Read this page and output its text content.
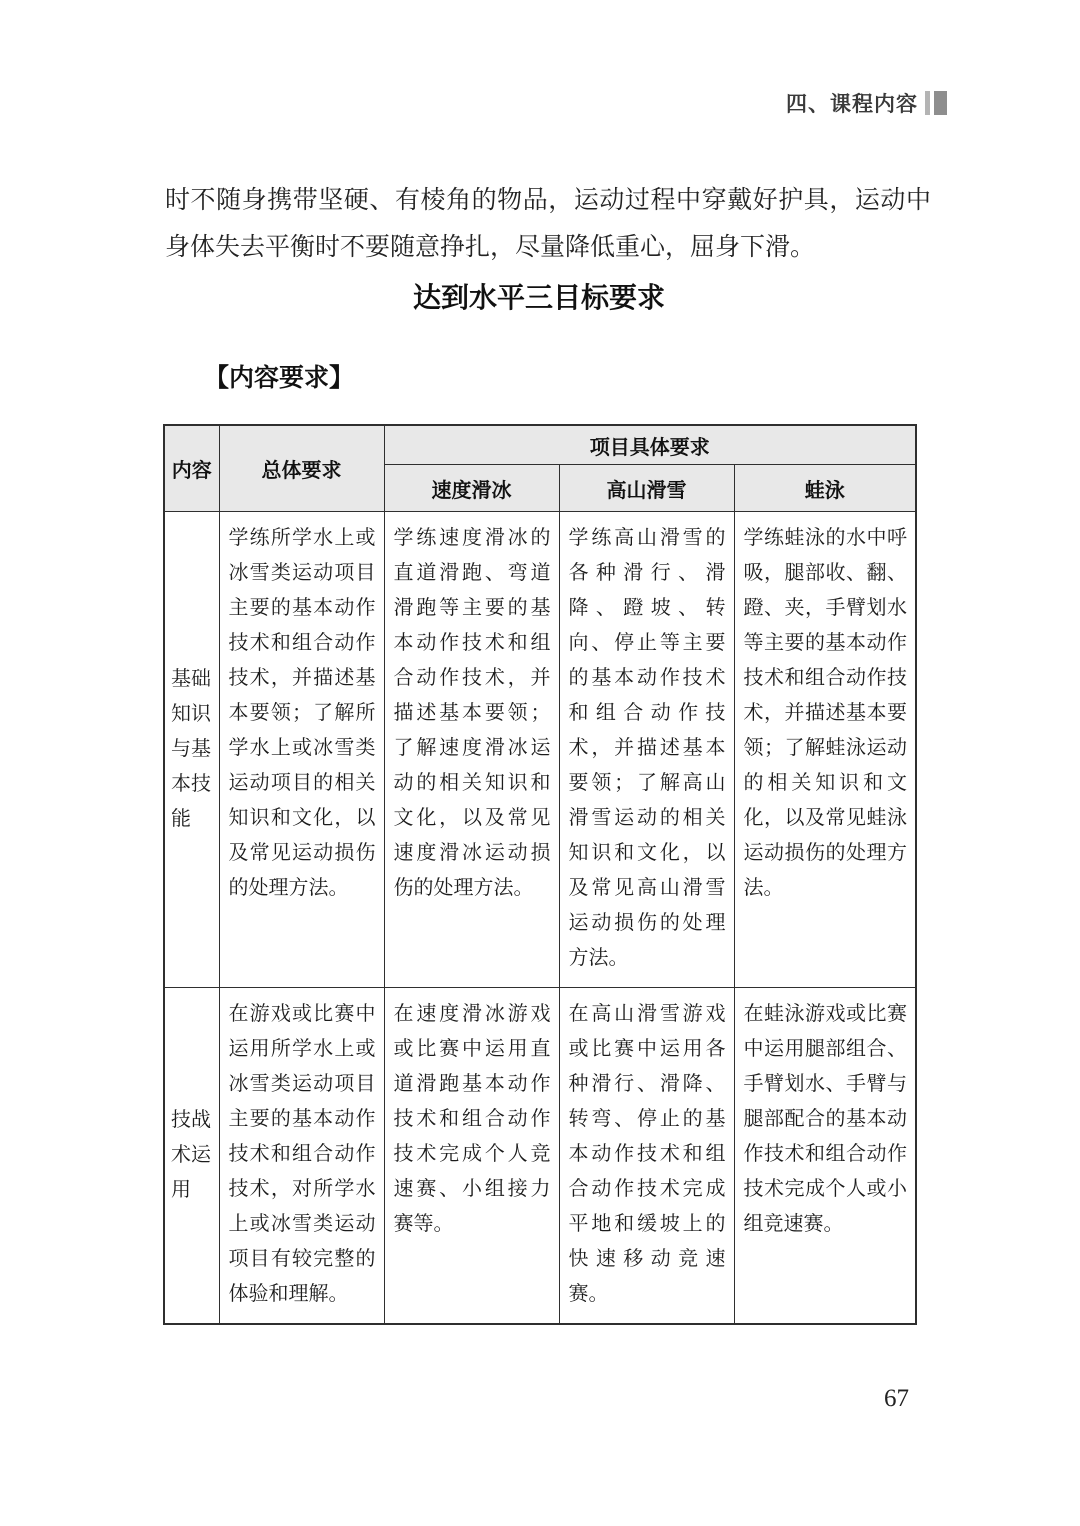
四、课程内容

时不随身携带坚硬、有棱角的物品，运动过程中穿戴好护具，运动中身体失去平衡时不要随意挣扎，尽量降低重心，屈身下滑。

达到水平三目标要求
【内容要求】
内容	总体要求	项目具体要求		
		速度滑冰	高山滑雪	蛙泳
基础知识与基本技能	学练所学水上或冰雪类运动项目主要的基本动作技术和组合动作技术，并描述基本要领；了解所学水上或冰雪类运动项目的相关知识和文化，以及常见运动损伤的处理方法。	学练速度滑冰的直道滑跑、弯道滑跑等主要的基本动作技术和组合动作技术，并描述基本要领；了解速度滑冰运动的相关知识和文化，以及常见速度滑冰运动损伤的处理方法。	学练高山滑雪的各种滑行、滑降、蹬坡、转向、停止等主要的基本动作技术和组合动作技术，并描述基本要领；了解高山滑雪运动的相关知识和文化，以及常见高山滑雪运动损伤的处理方法。	学练蛙泳的水中呼吸，腿部收、翻、蹬、夹，手臂划水等主要的基本动作技术和组合动作技术，并描述基本要领；了解蛙泳运动的相关知识和文化，以及常见蛙泳运动损伤的处理方法。
技战术运用	在游戏或比赛中运用所学水上或冰雪类运动项目主要的基本动作技术和组合动作技术，对所学水上或冰雪类运动项目有较完整的体验和理解。	在速度滑冰游戏或比赛中运用直道滑跑基本动作技术和组合动作技术完成个人竞速赛、小组接力赛等。	在高山滑雪游戏或比赛中运用各种滑行、滑降、转弯、停止的基本动作技术和组合动作技术完成平地和缓坡上的快速移动竞速赛。	在蛙泳游戏或比赛中运用腿部组合、手臂划水、手臂与腿部配合的基本动作技术和组合动作技术完成个人或小组竞速赛。
67
